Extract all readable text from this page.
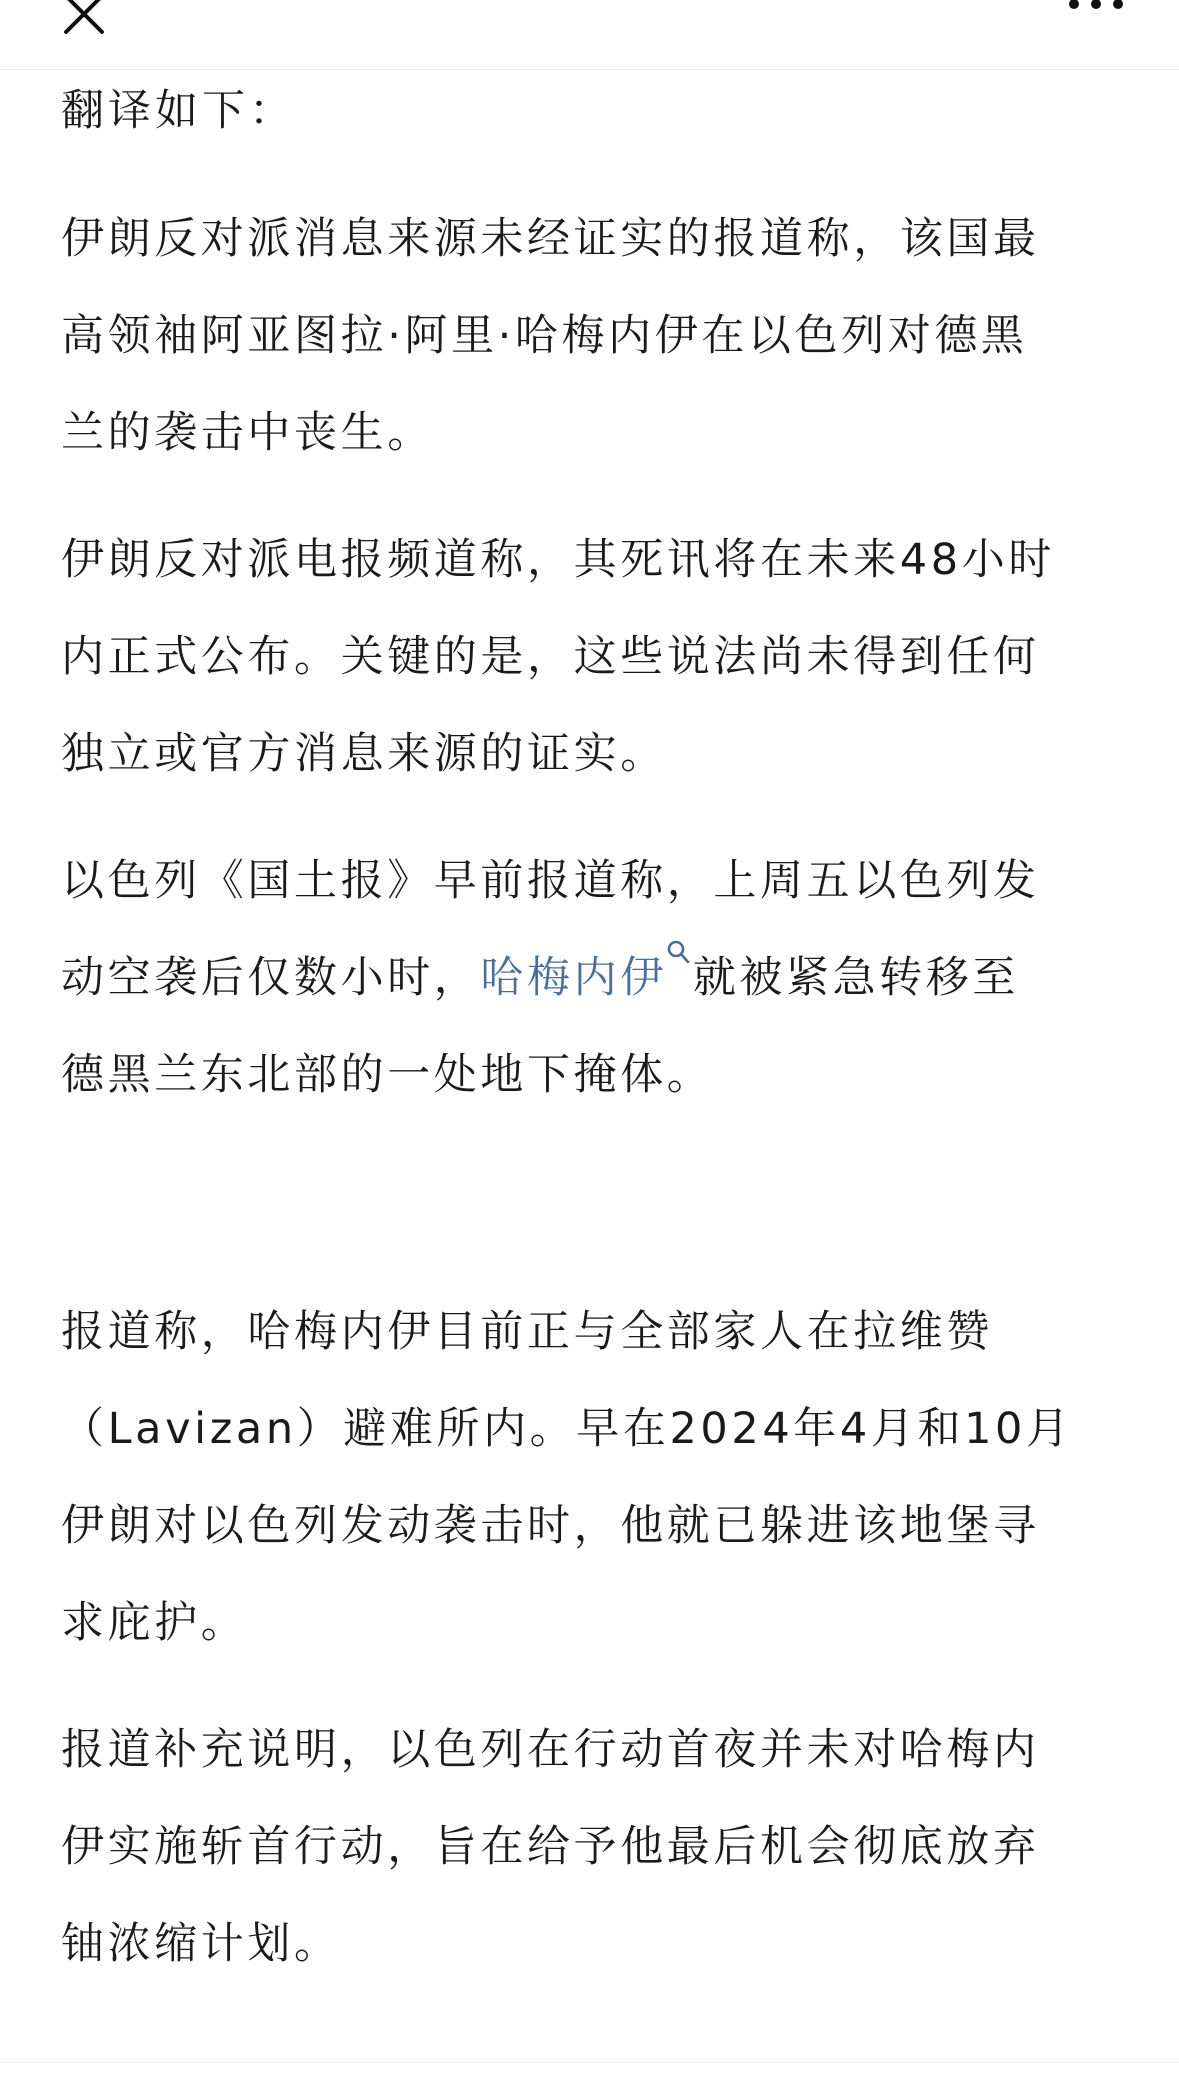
翻译如下：

伊朗反对派消息来源未经证实的报道称，该国最
高领袖阿亚图拉·阿里·哈梅内伊在以色列对德黑
兰的袭击中丧生。

伊朗反对派电报频道称，其死讯将在未来48小时
内正式公布。关键的是，这些说法尚未得到任何
独立或官方消息来源的证实。

以色列《国土报》早前报道称，上周五以色列发
动空袭后仅数小时，哈梅内伊 就被紧急转移至
德黑兰东北部的一处地下掩体。

报道称，哈梅内伊目前正与全部家人在拉维赞
（Lavizan）避难所内。早在2024年4月和10月
伊朗对以色列发动袭击时，他就已躲进该地堡寻
求庇护。

报道补充说明，以色列在行动首夜并未对哈梅内
伊实施斩首行动，旨在给予他最后机会彻底放弃
铀浓缩计划。
